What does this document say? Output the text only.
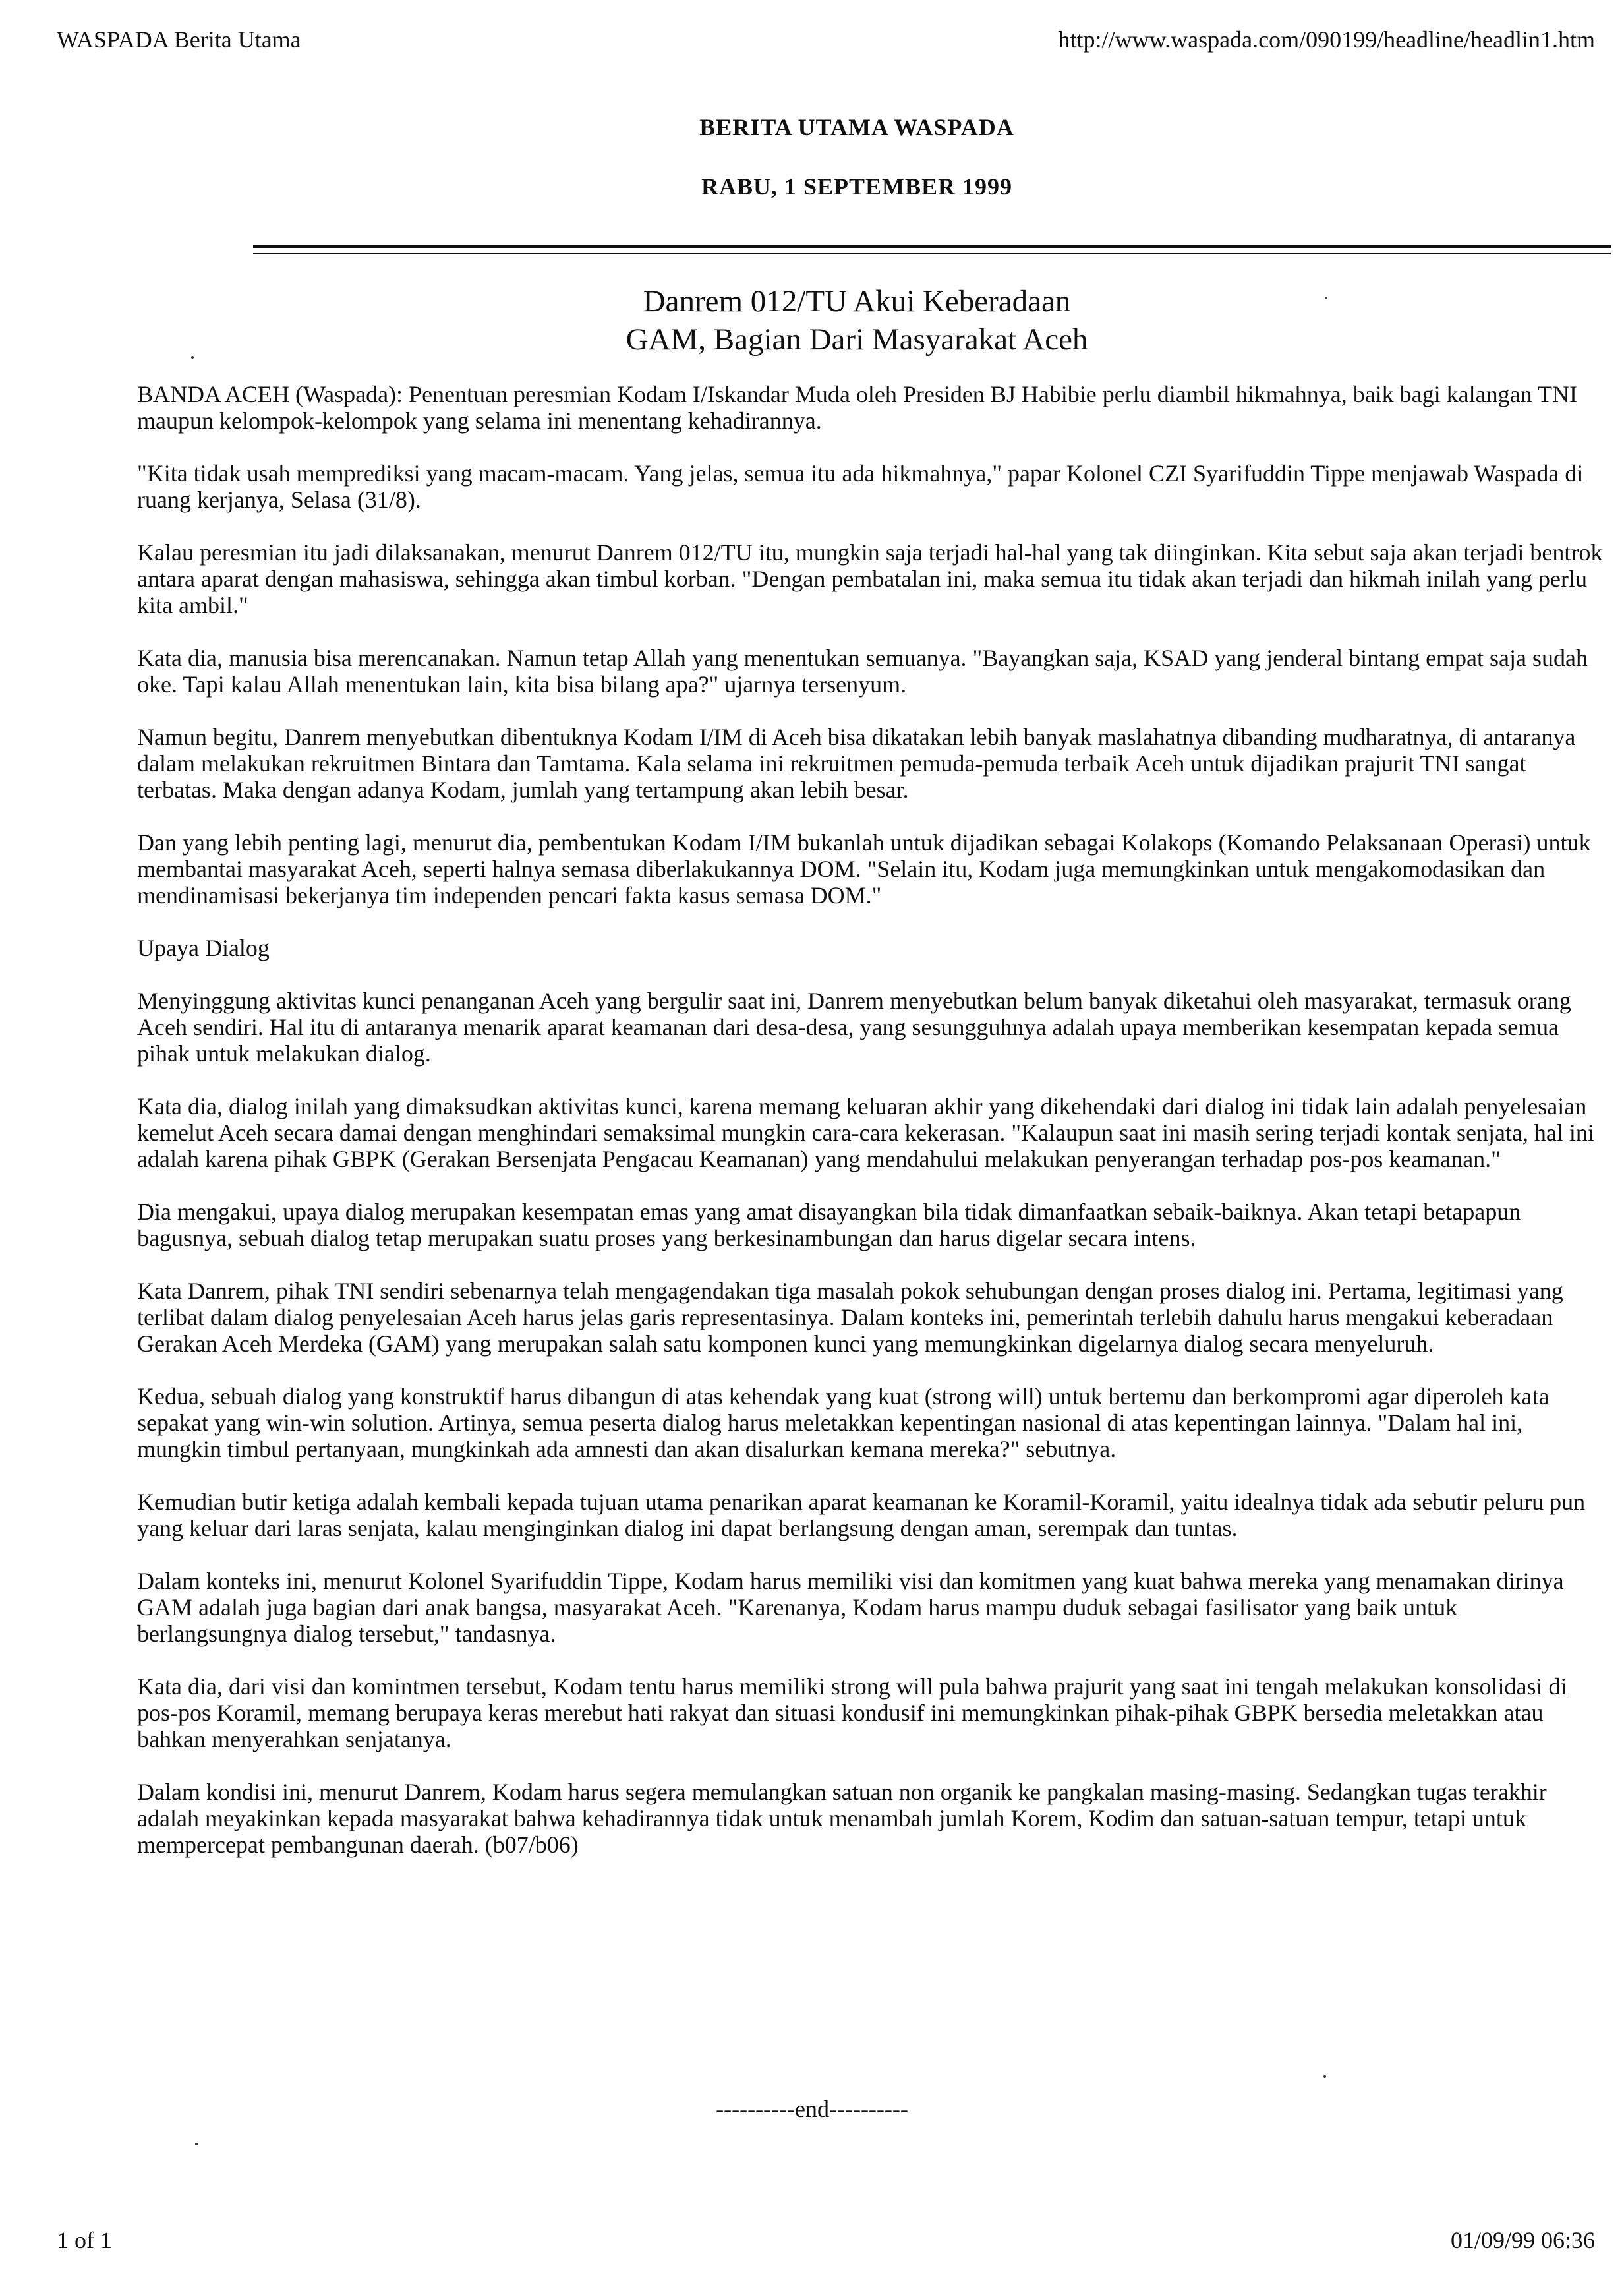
WASPADA Berita Utama	http://www.waspada.com/090199/headline/headlin1.htm
BERITA UTAMA WASPADA
RABU, 1 SEPTEMBER 1999
Danrem 012/TU Akui Keberadaan
GAM, Bagian Dari Masyarakat Aceh

BANDA ACEH (Waspada): Penentuan peresmian Kodam I/Iskandar Muda oleh Presiden BJ Habibie perlu diambil hikmahnya, baik bagi kalangan TNI maupun kelompok-kelompok yang selama ini menentang kehadirannya.

"Kita tidak usah memprediksi yang macam-macam. Yang jelas, semua itu ada hikmahnya," papar Kolonel CZI Syarifuddin Tippe menjawab Waspada di ruang kerjanya, Selasa (31/8).

Kalau peresmian itu jadi dilaksanakan, menurut Danrem 012/TU itu, mungkin saja terjadi hal-hal yang tak diinginkan. Kita sebut saja akan terjadi bentrok antara aparat dengan mahasiswa, sehingga akan timbul korban. "Dengan pembatalan ini, maka semua itu tidak akan terjadi dan hikmah inilah yang perlu kita ambil."

Kata dia, manusia bisa merencanakan. Namun tetap Allah yang menentukan semuanya. "Bayangkan saja, KSAD yang jenderal bintang empat saja sudah oke. Tapi kalau Allah menentukan lain, kita bisa bilang apa?" ujarnya tersenyum.

Namun begitu, Danrem menyebutkan dibentuknya Kodam I/IM di Aceh bisa dikatakan lebih banyak maslahatnya dibanding mudharatnya, di antaranya dalam melakukan rekruitmen Bintara dan Tamtama. Kala selama ini rekruitmen pemuda-pemuda terbaik Aceh untuk dijadikan prajurit TNI sangat terbatas. Maka dengan adanya Kodam, jumlah yang tertampung akan lebih besar.

Dan yang lebih penting lagi, menurut dia, pembentukan Kodam I/IM bukanlah untuk dijadikan sebagai Kolakops (Komando Pelaksanaan Operasi) untuk membantai masyarakat Aceh, seperti halnya semasa diberlakukannya DOM. "Selain itu, Kodam juga memungkinkan untuk mengakomodasikan dan mendinamisasi bekerjanya tim independen pencari fakta kasus semasa DOM."

Upaya Dialog

Menyinggung aktivitas kunci penanganan Aceh yang bergulir saat ini, Danrem menyebutkan belum banyak diketahui oleh masyarakat, termasuk orang Aceh sendiri. Hal itu di antaranya menarik aparat keamanan dari desa-desa, yang sesungguhnya adalah upaya memberikan kesempatan kepada semua pihak untuk melakukan dialog.

Kata dia, dialog inilah yang dimaksudkan aktivitas kunci, karena memang keluaran akhir yang dikehendaki dari dialog ini tidak lain adalah penyelesaian kemelut Aceh secara damai dengan menghindari semaksimal mungkin cara-cara kekerasan. "Kalaupun saat ini masih sering terjadi kontak senjata, hal ini adalah karena pihak GBPK (Gerakan Bersenjata Pengacau Keamanan) yang mendahului melakukan penyerangan terhadap pos-pos keamanan."

Dia mengakui, upaya dialog merupakan kesempatan emas yang amat disayangkan bila tidak dimanfaatkan sebaik-baiknya. Akan tetapi betapapun bagusnya, sebuah dialog tetap merupakan suatu proses yang berkesinambungan dan harus digelar secara intens.

Kata Danrem, pihak TNI sendiri sebenarnya telah mengagendakan tiga masalah pokok sehubungan dengan proses dialog ini. Pertama, legitimasi yang terlibat dalam dialog penyelesaian Aceh harus jelas garis representasinya. Dalam konteks ini, pemerintah terlebih dahulu harus mengakui keberadaan Gerakan Aceh Merdeka (GAM) yang merupakan salah satu komponen kunci yang memungkinkan digelarnya dialog secara menyeluruh.

Kedua, sebuah dialog yang konstruktif harus dibangun di atas kehendak yang kuat (strong will) untuk bertemu dan berkompromi agar diperoleh kata sepakat yang win-win solution. Artinya, semua peserta dialog harus meletakkan kepentingan nasional di atas kepentingan lainnya. "Dalam hal ini, mungkin timbul pertanyaan, mungkinkah ada amnesti dan akan disalurkan kemana mereka?" sebutnya.

Kemudian butir ketiga adalah kembali kepada tujuan utama penarikan aparat keamanan ke Koramil-Koramil, yaitu idealnya tidak ada sebutir peluru pun yang keluar dari laras senjata, kalau menginginkan dialog ini dapat berlangsung dengan aman, serempak dan tuntas.

Dalam konteks ini, menurut Kolonel Syarifuddin Tippe, Kodam harus memiliki visi dan komitmen yang kuat bahwa mereka yang menamakan dirinya GAM adalah juga bagian dari anak bangsa, masyarakat Aceh. "Karenanya, Kodam harus mampu duduk sebagai fasilisator yang baik untuk berlangsungnya dialog tersebut," tandasnya.

Kata dia, dari visi dan komintmen tersebut, Kodam tentu harus memiliki strong will pula bahwa prajurit yang saat ini tengah melakukan konsolidasi di pos-pos Koramil, memang berupaya keras merebut hati rakyat dan situasi kondusif ini memungkinkan pihak-pihak GBPK bersedia meletakkan atau bahkan menyerahkan senjatanya.

Dalam kondisi ini, menurut Danrem, Kodam harus segera memulangkan satuan non organik ke pangkalan masing-masing. Sedangkan tugas terakhir adalah meyakinkan kepada masyarakat bahwa kehadirannya tidak untuk menambah jumlah Korem, Kodim dan satuan-satuan tempur, tetapi untuk mempercepat pembangunan daerah. (b07/b06)

----------end----------
1 of 1	01/09/99 06:36
